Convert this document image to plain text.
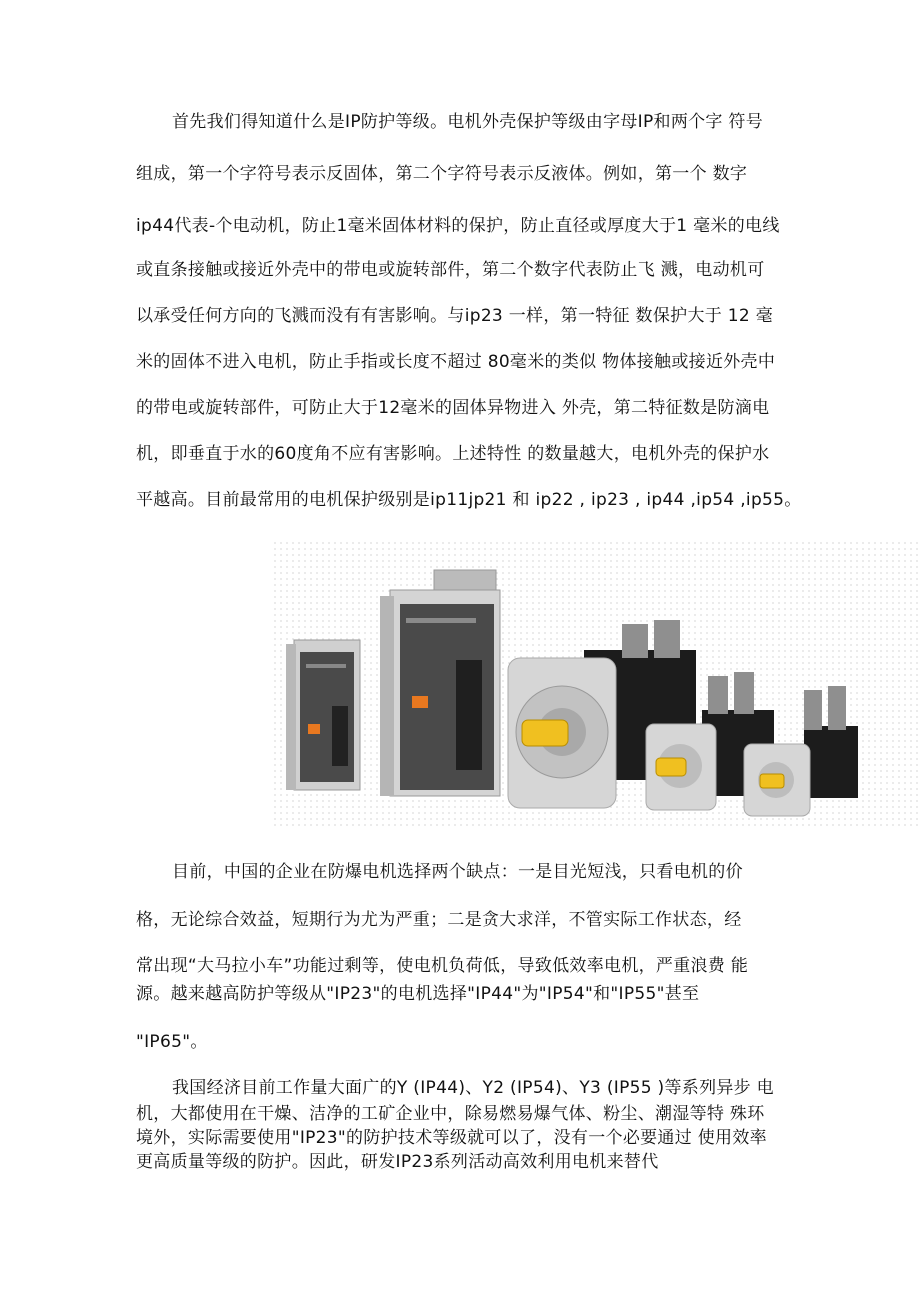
首先我们得知道什么是IP防护等级。电机外壳保护等级由字母IP和两个字 符号
组成，第一个字符号表示反固体，第二个字符号表示反液体。例如，第一个 数字
ip44代表-个电动机，防止1毫米固体材料的保护，防止直径或厚度大于1 毫米的电线
或直条接触或接近外壳中的带电或旋转部件，第二个数字代表防止飞 溅，电动机可
以承受任何方向的飞溅而没有有害影响。与ip23 一样，第一特征 数保护大于 12 毫
米的固体不进入电机，防止手指或长度不超过 80毫米的类似 物体接触或接近外壳中
的带电或旋转部件，可防止大于12毫米的固体异物进入 外壳，第二特征数是防滴电
机，即垂直于水的60度角不应有害影响。上述特性 的数量越大，电机外壳的保护水
平越高。目前最常用的电机保护级别是ip11jp21 和 ip22 , ip23 , ip44 ,ip54 ,ip55。
目前，中国的企业在防爆电机选择两个缺点：一是目光短浅，只看电机的价
格，无论综合效益，短期行为尤为严重；二是贪大求洋，不管实际工作状态，经
常出现“大马拉小车”功能过剩等，使电机负荷低，导致低效率电机，严重浪费 能
源。越来越高防护等级从"IP23"的电机选择"IP44"为"IP54"和"IP55"甚至
"IP65"。
我国经济目前工作量大面广的Y (IP44)、Y2 (IP54)、Y3 (IP55 )等系列异步 电
机，大都使用在干燥、洁净的工矿企业中，除易燃易爆气体、粉尘、潮湿等特 殊环
境外，实际需要使用"IP23"的防护技术等级就可以了，没有一个必要通过 使用效率
更高质量等级的防护。因此，研发IP23系列活动高效利用电机来替代
